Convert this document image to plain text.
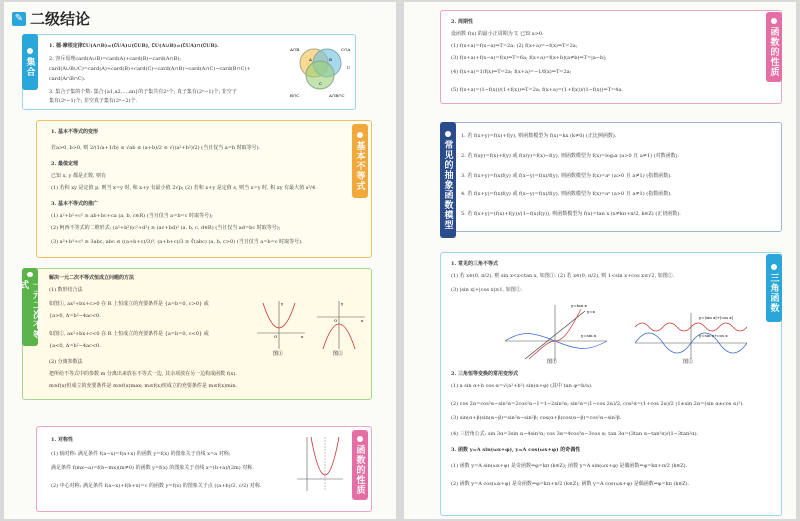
✎ 二级结论
1. 德·摩根定律∁U(A∩B)=(∁UA)∪(∁UB), ∁U(A∪B)=(∁UA)∩(∁UB).
2. 容斥原理card(A∪B)=card(A)+card(B)−card(A∩B);
card(A∪B∪C)=card(A)+card(B)+card(C)−card(A∩B)−card(A∩C)−card(B∩C)+
card(A∩B∩C).
3. 集合子集的个数: 集合{a1,a2,…,an}的子集共有2ⁿ个; 真子集有(2ⁿ−1)个; 非空子
集有(2ⁿ−1)个; 非空真子集有(2ⁿ−2)个.
A∩B	C∩A
U
A	B
C
B∩C	A∩B∩C
集合
1. 基本不等式的变形
若a>0, b>0, 则 2/(1/a+1/b) ≤ √ab ≤ (a+b)/2 ≤ √((a²+b²)/2) (当且仅当 a=b 时取等号).
2. 最值定理
已知 x, y 都是正数, 则有
(1) 若积 xy 是定值 p, 则当 x=y 时, 和 x+y 有最小值 2√p; (2) 若和 x+y 是定值 s, 则当 x=y 时, 积 xy 有最大值 s²/4.
3. 基本不等式的推广
(1) a²+b²+c² ≥ ab+bc+ca (a, b, c∈R) (当且仅当 a=b=c 时取等号);
(2) 柯西不等式的二维形式: (a²+b²)(c²+d²) ≥ (ac+bd)² (a, b, c, d∈R) (当且仅当 ad=bc 时取等号);
(3) a³+b³+c³ ≥ 3abc, abc ≤ ((a+b+c)/3)³, (a+b+c)/3 ≥ ∛(abc) (a, b, c>0) (当且仅当 a=b=c 时取等号).
基本不等式
解决一元二次不等式恒成立问题的方法
(1) 数形结合法
如图①, ax²+bx+c>0 在 R 上恒成立的充要条件是 {a=b=0, c>0} 或
{a>0, Δ=b²−4ac<0.
如图②, ax²+bx+c<0 在 R 上恒成立的充要条件是 {a=b=0, c<0} 或
{a<0, Δ=b²−4ac<0.
(2) 分离参数法
把所给不等式中的参数 m 分离出来放在不等式一边, 其余项放在另一边构成函数 f(x).
m≥f(x)恒成立的充要条件是 m≥f(x)max; m≤f(x)恒成立的充要条件是 m≤f(x)min.
y
O	x
图①
y
O	x
图②
一元二次不等式
1. 对称性
(1) 轴对称: 满足条件 f(a−x)=f(a+x) 的函数 y=f(x) 的图象关于直线 x=a 对称;
满足条件 f(mx−a)=f(b−mx)(m≠0) 的函数 y=f(x) 的图象关于直线 x=(b+a)/(2m) 对称.
(2) 中心对称: 满足条件 f(a−x)+f(b+x)=c 的函数 y=f(x) 的图象关于点 ((a+b)/2, c/2) 对称.	函数的性质
2. 周期性
设函数 f(x) 的最小正周期为 T, 已知 a>0.
(1) f(x+a)=f(x−a)⇒T=2a; (2) f(x+a)=−f(x)⇒T=2a;
(3) f(x+a)+f(x−a)=f(x)⇒T=6a; f(x+a)=f(x+b)(a≠b)⇒T=|a−b|;
(4) f(x+a)=1/f(x)⇒T=2a; f(x+a)=−1/f(x)⇒T=2a;
(5) f(x+a)=(1−f(x))/(1+f(x))⇒T=2a; f(x+a)=(1+f(x))/(1−f(x))⇒T=4a.
函数的性质
1. 若 f(x+y)=f(x)+f(y), 则函数模型为 f(x)=kx (k≠0) (正比例函数).
2. 若 f(xy)=f(x)+f(y) 或 f(x/y)=f(x)−f(y), 则函数模型为 f(x)=logₐx (a>0 且 a≠1) (对数函数).
3. 若 f(x+y)=f(x)f(y) 或 f(x−y)=f(x)/f(y), 则函数模型为 f(x)=aˣ (a>0 且 a≠1) (指数函数).
4. 若 f(x+y)=f(x)f(y) 或 f(x−y)=f(x)/f(y), 则函数模型为 f(x)=aˣ (a>0 且 a≠1) (指数函数).
5. 若 f(x+y)=(f(x)+f(y))/(1−f(x)f(y)), 则函数模型为 f(x)=tan x (x≠kπ+π/2, k∈Z) (正切函数).
常见的抽象函数模型
1. 常见的三角不等式
(1) 若 x∈(0, π/2), 则 sin x<x<tan x, 如图①. (2) 若 x∈(0, π/2), 则 1<sin x+cos x≤√2, 如图②.
(3) |sin x|+|cos x|≥1, 如图②.
y=x
y=tan x
y=sin x
图①
y=|sin x|+|cos x|
y=sin x+cos x
图②
2. 三角恒等变换的常用变形式
(1) a sin α+b cos α=√(a²+b²) sin(α+φ) (其中 tan φ=b/a).
(2) cos 2α=cos²α−sin²α=2cos²α−1=1−2sin²α; sin²α=(1−cos 2α)/2, cos²α=(1+cos 2α)/2 (1±sin 2α=(sin α±cos α)²).
(3) sin(α+β)sin(α−β)=sin²α−sin²β; cos(α+β)cos(α−β)=cos²α−sin²β.
(4) 三倍角公式: sin 3α=3sin α−4sin³α; cos 3α=4cos³α−3cos α; tan 3α=(3tan α−tan³α)/(1−3tan²α).
3. 函数 y=A sin(ωx+φ), y=A cos(ωx+φ) 的奇偶性
(1) 函数 y=A sin(ωx+φ) 是奇函数⇔φ=kπ (k∈Z); 函数 y=A sin(ωx+φ) 是偶函数⇔φ=kπ+π/2 (k∈Z).
(2) 函数 y=A cos(ωx+φ) 是奇函数⇔φ=kπ+π/2 (k∈Z); 函数 y=A cos(ωx+φ) 是偶函数⇔φ=kπ (k∈Z).
三角函数
